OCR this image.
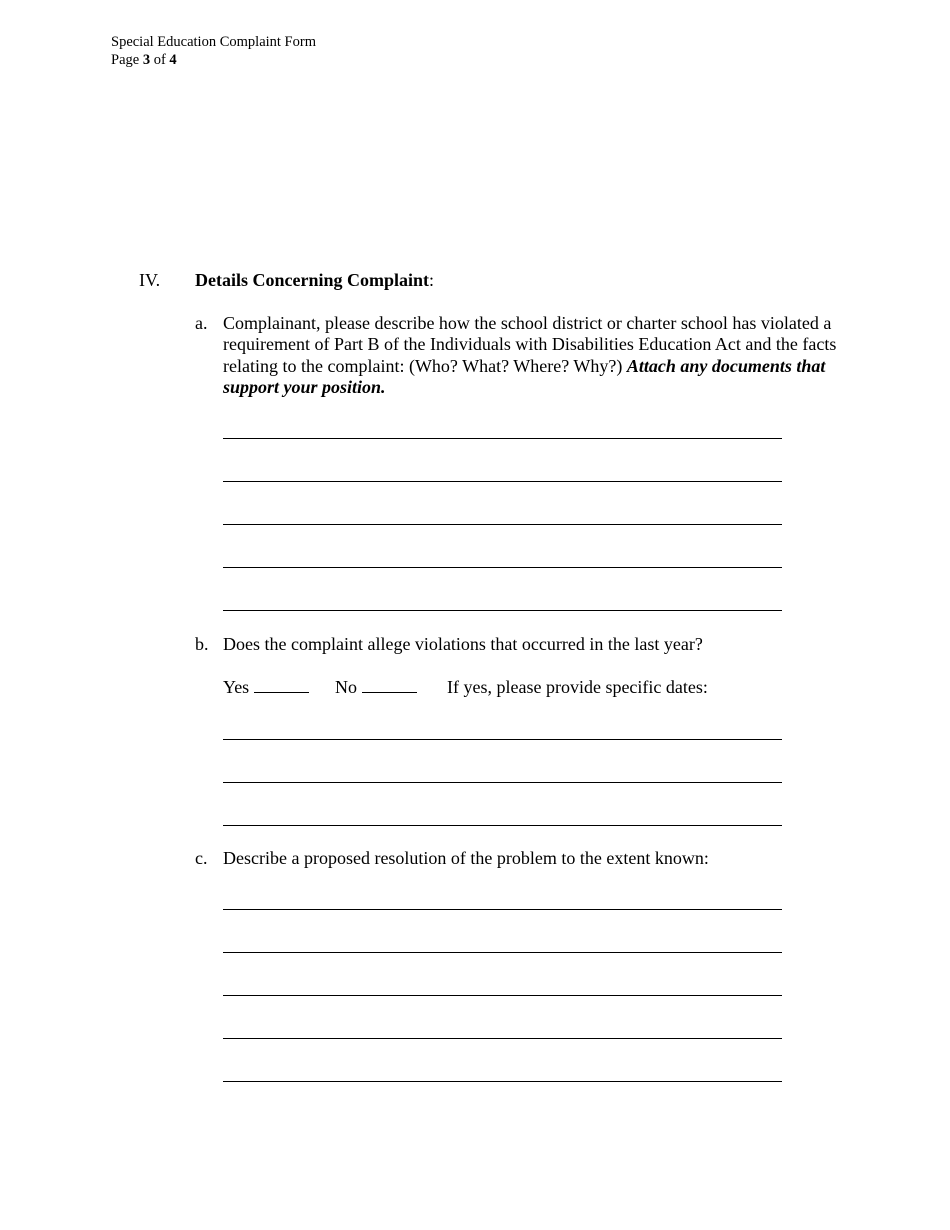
Special Education Complaint Form
Page 3 of 4
IV. Details Concerning Complaint:
a. Complainant, please describe how the school district or charter school has violated a requirement of Part B of the Individuals with Disabilities Education Act and the facts relating to the complaint: (Who? What? Where? Why?) Attach any documents that support your position.
b. Does the complaint allege violations that occurred in the last year?
Yes	No	If yes, please provide specific dates:
c. Describe a proposed resolution of the problem to the extent known:
